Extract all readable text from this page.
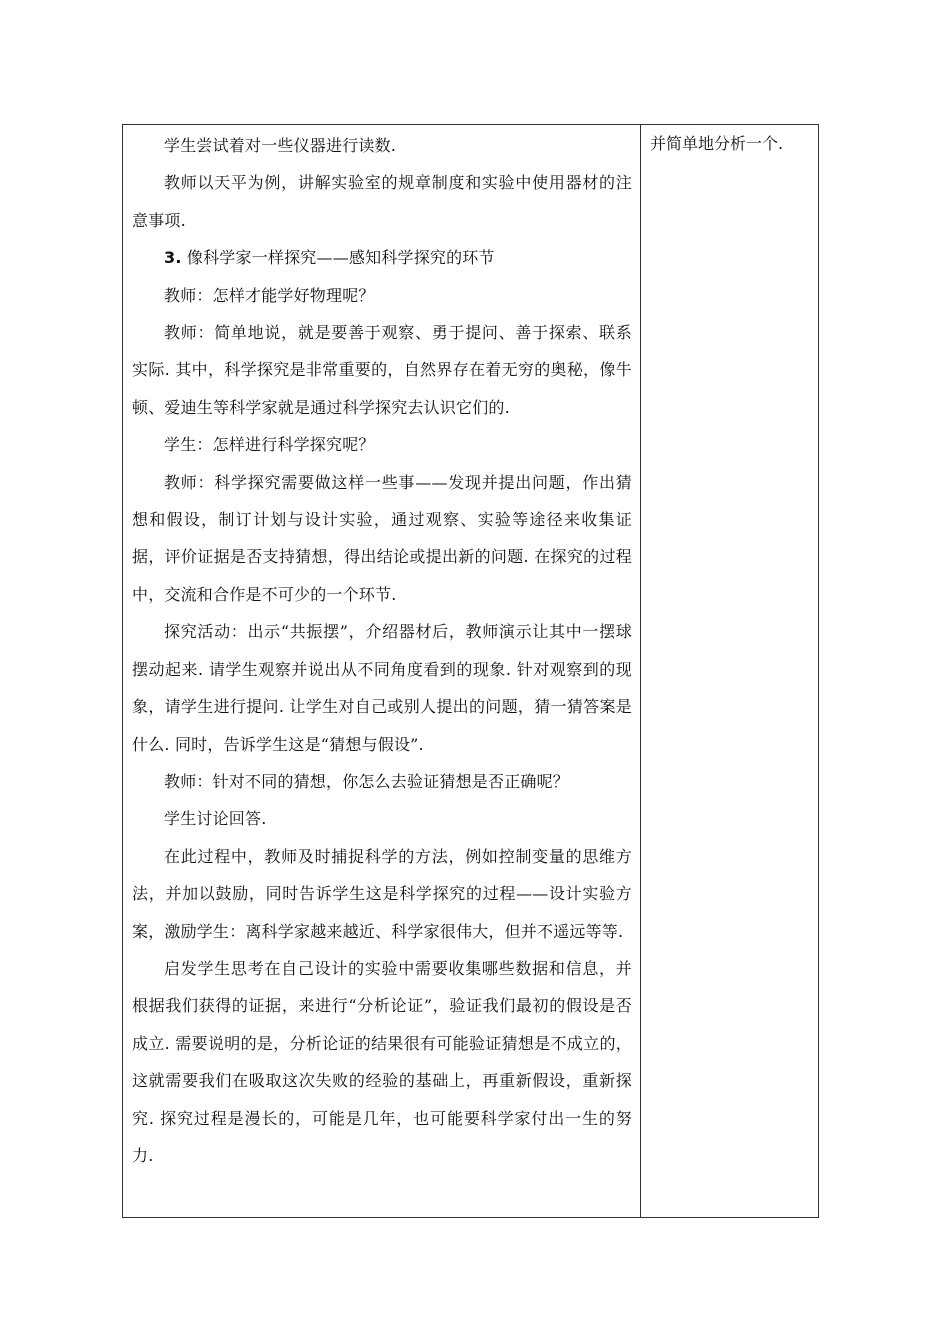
学生尝试着对一些仪器进行读数.

教师以天平为例，讲解实验室的规章制度和实验中使用器材的注意事项.

3. 像科学家一样探究——感知科学探究的环节

教师：怎样才能学好物理呢？

教师：简单地说，就是要善于观察、勇于提问、善于探索、联系实际. 其中，科学探究是非常重要的，自然界存在着无穷的奥秘，像牛顿、爱迪生等科学家就是通过科学探究去认识它们的.

学生：怎样进行科学探究呢？

教师：科学探究需要做这样一些事——发现并提出问题，作出猜想和假设，制订计划与设计实验，通过观察、实验等途径来收集证据，评价证据是否支持猜想，得出结论或提出新的问题. 在探究的过程中，交流和合作是不可少的一个环节.

探究活动：出示“共振摆”，介绍器材后，教师演示让其中一摆球摆动起来. 请学生观察并说出从不同角度看到的现象. 针对观察到的现象，请学生进行提问. 让学生对自己或别人提出的问题，猜一猜答案是什么. 同时，告诉学生这是“猜想与假设”.

教师：针对不同的猜想，你怎么去验证猜想是否正确呢？

学生讨论回答.

在此过程中，教师及时捕捉科学的方法，例如控制变量的思维方法，并加以鼓励，同时告诉学生这是科学探究的过程——设计实验方案，激励学生：离科学家越来越近、科学家很伟大，但并不遥远等等.

启发学生思考在自己设计的实验中需要收集哪些数据和信息，并根据我们获得的证据，来进行“分析论证”，验证我们最初的假设是否成立. 需要说明的是，分析论证的结果很有可能验证猜想是不成立的，这就需要我们在吸取这次失败的经验的基础上，再重新假设，重新探究. 探究过程是漫长的，可能是几年，也可能要科学家付出一生的努力.

并简单地分析一个.
